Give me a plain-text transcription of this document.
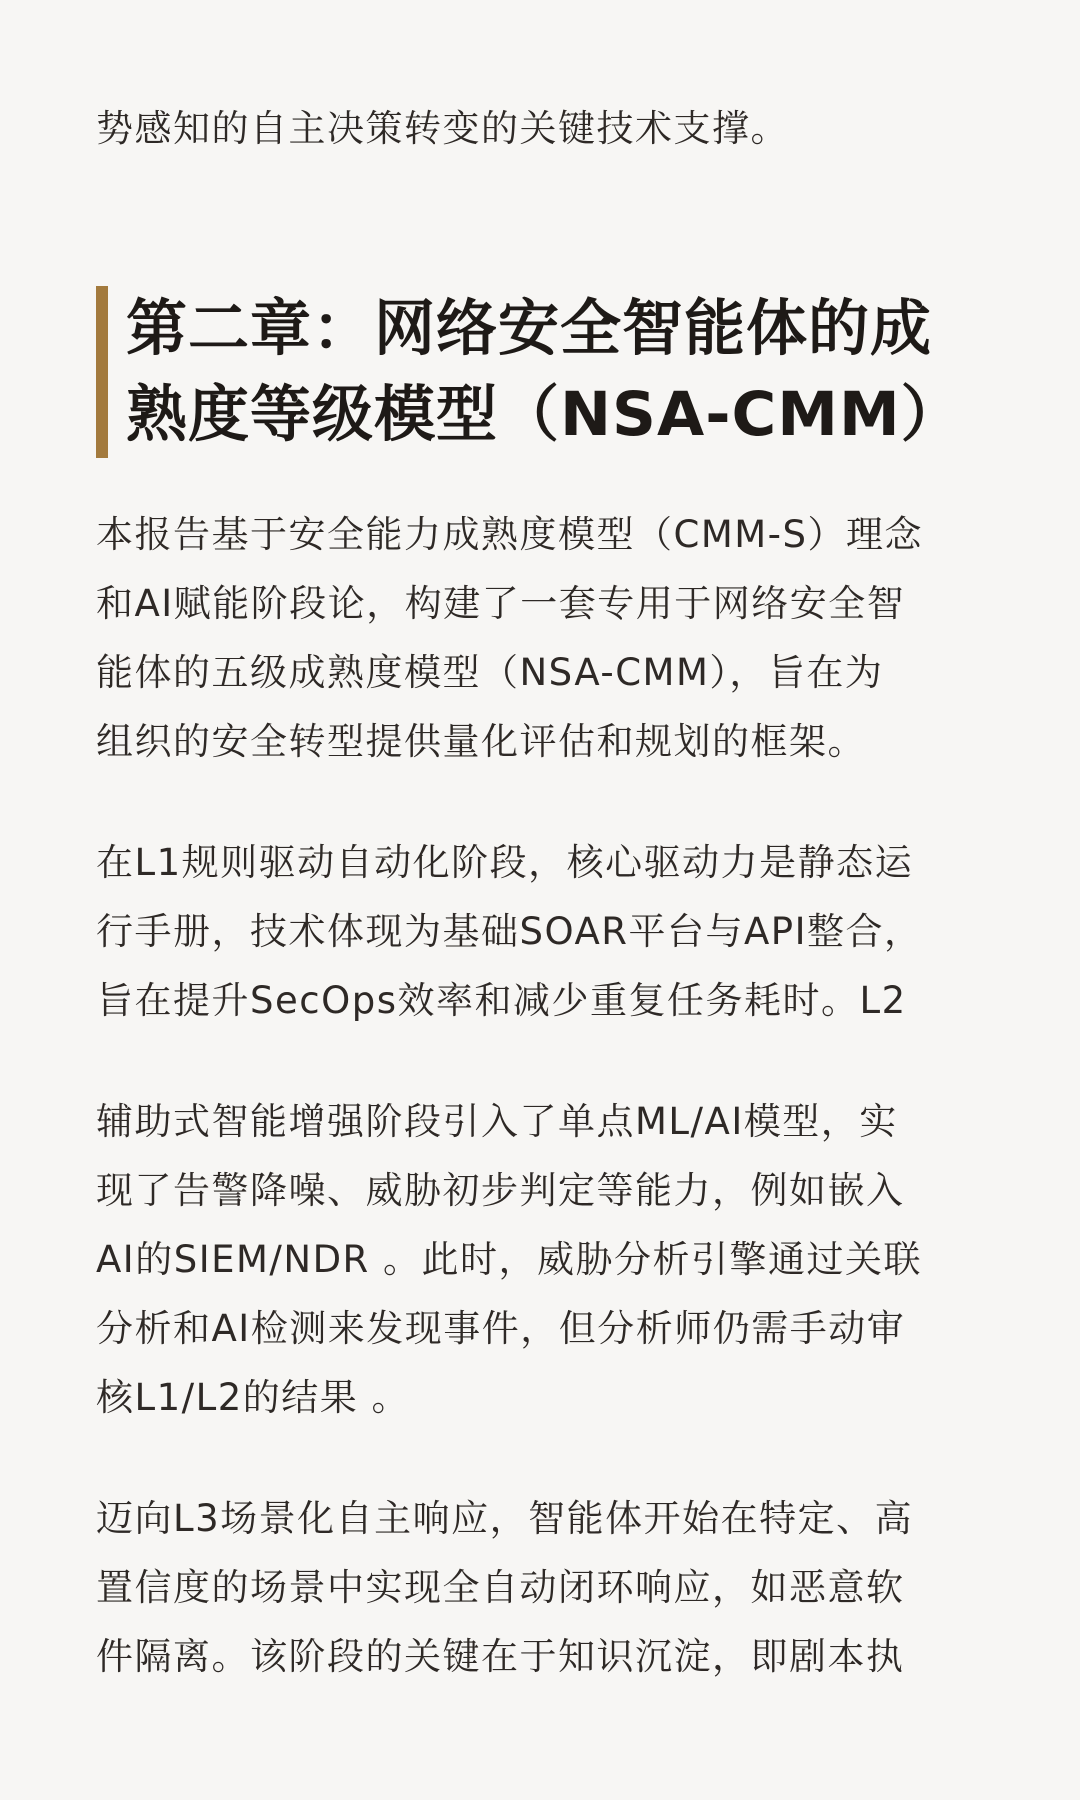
势感知的自主决策转变的关键技术支撑。

第二章：网络安全智能体的成
熟度等级模型（NSA-CMM）

本报告基于安全能力成熟度模型（CMM-S）理念
和AI赋能阶段论，构建了一套专用于网络安全智
能体的五级成熟度模型（NSA-CMM），旨在为
组织的安全转型提供量化评估和规划的框架。

在L1规则驱动自动化阶段，核心驱动力是静态运
行手册，技术体现为基础SOAR平台与API整合，
旨在提升SecOps效率和减少重复任务耗时。L2

辅助式智能增强阶段引入了单点ML/AI模型，实
现了告警降噪、威胁初步判定等能力，例如嵌入
AI的SIEM/NDR 。此时，威胁分析引擎通过关联
分析和AI检测来发现事件，但分析师仍需手动审
核L1/L2的结果 。

迈向L3场景化自主响应，智能体开始在特定、高
置信度的场景中实现全自动闭环响应，如恶意软
件隔离。该阶段的关键在于知识沉淀，即剧本执
